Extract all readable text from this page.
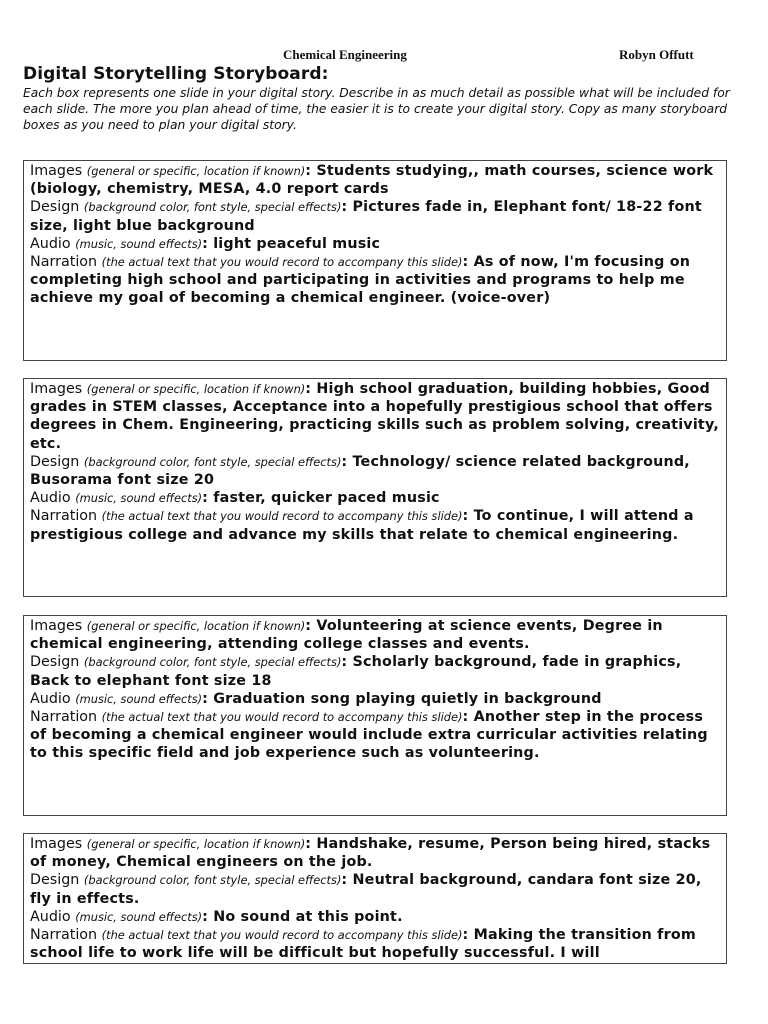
Chemical Engineering	Robyn Offutt
Digital Storytelling Storyboard:
Each box represents one slide in your digital story. Describe in as much detail as possible what will be included for each slide. The more you plan ahead of time, the easier it is to create your digital story. Copy as many storyboard boxes as you need to plan your digital story.

Images (general or specific, location if known): Students studying,, math courses, science work (biology, chemistry, MESA, 4.0 report cards

Design (background color, font style, special effects): Pictures fade in, Elephant font/ 18-22 font size, light blue background

Audio (music, sound effects): light peaceful music

Narration (the actual text that you would record to accompany this slide): As of now, I'm focusing on completing high school and participating in activities and programs to help me achieve my goal of becoming a chemical engineer. (voice-over)

Images (general or specific, location if known): High school graduation, building hobbies, Good grades in STEM classes, Acceptance into a hopefully prestigious school that offers degrees in Chem. Engineering, practicing skills such as problem solving, creativity, etc.

Design (background color, font style, special effects): Technology/ science related background, Busorama font size 20

Audio (music, sound effects): faster, quicker paced music

Narration (the actual text that you would record to accompany this slide): To continue, I will attend a prestigious college and advance my skills that relate to chemical engineering.

Images (general or specific, location if known): Volunteering at science events, Degree in chemical engineering, attending college classes and events.

Design (background color, font style, special effects): Scholarly background, fade in graphics, Back to elephant font size 18

Audio (music, sound effects): Graduation song playing quietly in background

Narration (the actual text that you would record to accompany this slide): Another step in the process of becoming a chemical engineer would include extra curricular activities relating to this specific field and job experience such as volunteering.

Images (general or specific, location if known): Handshake, resume, Person being hired, stacks of money, Chemical engineers on the job.

Design (background color, font style, special effects): Neutral background, candara font size 20, fly in effects.

Audio (music, sound effects): No sound at this point.

Narration (the actual text that you would record to accompany this slide): Making the transition from school life to work life will be difficult but hopefully successful. I will
